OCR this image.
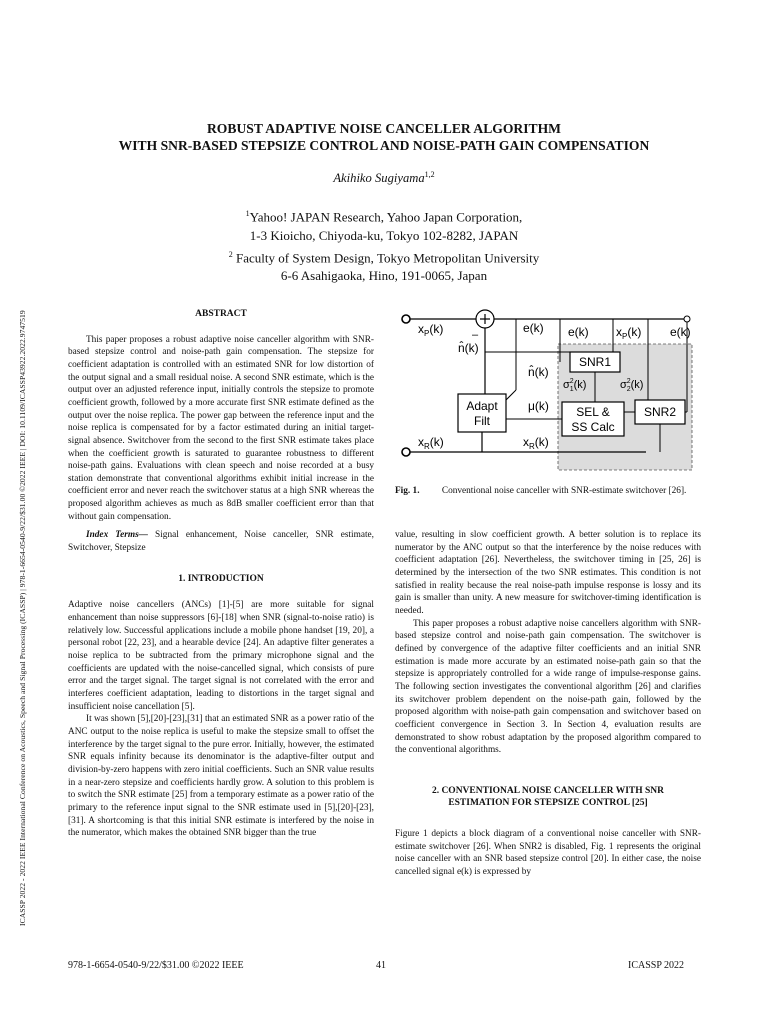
ICASSP 2022 - 2022 IEEE International Conference on Acoustics, Speech and Signal Processing (ICASSP) | 978-1-6654-0540-9/22/$31.00 ©2022 IEEE | DOI: 10.1109/ICASSP43922.2022.9747519
ROBUST ADAPTIVE NOISE CANCELLER ALGORITHM
WITH SNR-BASED STEPSIZE CONTROL AND NOISE-PATH GAIN COMPENSATION
Akihiko Sugiyama$^{1,2}$
$^1$Yahoo! JAPAN Research, Yahoo Japan Corporation,
1-3 Kioicho, Chiyoda-ku, Tokyo 102-8282, JAPAN
$^2$ Faculty of System Design, Tokyo Metropolitan University
6-6 Asahigaoka, Hino, 191-0065, Japan
ABSTRACT

This paper proposes a robust adaptive noise canceller algorithm with SNR-based stepsize control and noise-path gain compensation. The stepsize for coefficient adaptation is controlled with an estimated SNR for low distortion of the output signal and a small residual noise. A second SNR estimate, which is the output over an adjusted reference input, initially controls the stepsize to promote coefficient growth, followed by a more accurate first SNR estimate defined as the output over the noise replica. The power gap between the reference input and the noise replica is compensated for by a factor estimated during an initial target-signal absence. Switchover from the second to the first SNR estimate takes place when the coefficient growth is saturated to guarantee robustness to different noise-path gains. Evaluations with clean speech and noise recorded at a busy station demonstrate that conventional algorithms exhibit initial increase in the coefficient error and never reach the switchover status at a high SNR whereas the proposed algorithm achieves as much as 8dB smaller coefficient error than that without gain compensation.

Index Terms— Signal enhancement, Noise canceller, SNR estimate, Switchover, Stepsize

1. INTRODUCTION

Adaptive noise cancellers (ANCs) [1]-[5] are more suitable for signal enhancement than noise suppressors [6]-[18] when SNR (signal-to-noise ratio) is relatively low. Successful applications include a mobile phone handset [19, 20], a personal robot [22, 23], and a hearable device [24]. An adaptive filter generates a noise replica to be subtracted from the primary microphone signal and the coefficients are updated with the noise-cancelled signal, which consists of pure error and the target signal. The target signal is not correlated with the error and interferes coefficient adaptation, leading to distortions in the target signal and insufficient noise cancellation [5].

It was shown [5],[20]-[23],[31] that an estimated SNR as a power ratio of the ANC output to the noise replica is useful to make the stepsize small to offset the interference by the target signal to the pure error. Initially, however, the estimated SNR equals infinity because its denominator is the adaptive-filter output and division-by-zero happens with zero initial coefficients. Such an SNR value results in a near-zero stepsize and coefficients hardly grow. A solution to this problem is to switch the SNR estimate [25] from a temporary estimate as a power ratio of the primary to the reference input signal to the SNR estimate used in [5],[20]-[23],[31]. A shortcoming is that this initial SNR estimate is interfered by the noise in the numerator, which makes the obtained SNR bigger than the true

Adapt
Filt
SNR1
SEL &
SS Calc
SNR2
$x_P(k)$
$x_R(k)$
–
n̂(k)
e(k) e(k) $x_P(k)$ e(k)
n̂(k)
$\sigma^2$ 1(k)	$\sigma^2$ 2(k)
μ(k)
$x_R(k)$
Fig. 1. Conventional noise canceller with SNR-estimate switchover [26].

value, resulting in slow coefficient growth. A better solution is to replace its numerator by the ANC output so that the interference by the noise reduces with coefficient adaptation [26]. Nevertheless, the switchover timing in [25, 26] is determined by the intersection of the two SNR estimates. This condition is not satisfied in reality because the real noise-path impulse response is lossy and its gain is smaller than unity. A new measure for switchover-timing identification is needed.

This paper proposes a robust adaptive noise cancellers algorithm with SNR-based stepsize control and noise-path gain compensation. The switchover is defined by convergence of the adaptive filter coefficients and an initial SNR estimation is made more accurate by an estimated noise-path gain so that the stepsize is appropriately controlled for a wide range of impulse-response gains. The following section investigates the conventional algorithm [26] and clarifies its switchover problem dependent on the noise-path gain, followed by the proposed algorithm with noise-path gain compensation and switchover based on coefficient convergence in Section 3. In Section 4, evaluation results are demonstrated to show robust adaptation by the proposed algorithm compared to the conventional algorithms.

2. CONVENTIONAL NOISE CANCELLER WITH SNR
ESTIMATION FOR STEPSIZE CONTROL [25]

Figure 1 depicts a block diagram of a conventional noise canceller with SNR-estimate switchover [26]. When SNR2 is disabled, Fig. 1 represents the original noise canceller with an SNR based stepsize control [20]. In either case, the noise cancelled signal e(k) is expressed by

978-1-6654-0540-9/22/$31.00 ©2022 IEEE	41	ICASSP 2022
